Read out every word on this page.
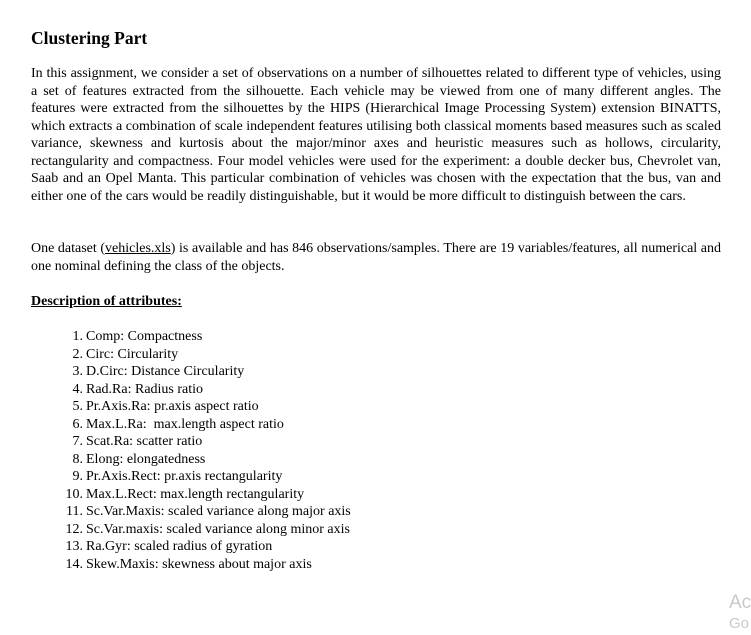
Clustering Part

In this assignment, we consider a set of observations on a number of silhouettes related to different type of vehicles, using a set of features extracted from the silhouette. Each vehicle may be viewed from one of many different angles. The features were extracted from the silhouettes by the HIPS (Hierarchical Image Processing System) extension BINATTS, which extracts a combination of scale independent features utilising both classical moments based measures such as scaled variance, skewness and kurtosis about the major/minor axes and heuristic measures such as hollows, circularity, rectangularity and compactness. Four model vehicles were used for the experiment: a double decker bus, Chevrolet van, Saab and an Opel Manta. This particular combination of vehicles was chosen with the expectation that the bus, van and either one of the cars would be readily distinguishable, but it would be more difficult to distinguish between the cars.

One dataset (vehicles.xls) is available and has 846 observations/samples. There are 19 variables/features, all numerical and one nominal defining the class of the objects.

Description of attributes:
1. Comp: Compactness
2. Circ: Circularity
3. D.Circ: Distance Circularity
4. Rad.Ra: Radius ratio
5. Pr.Axis.Ra: pr.axis aspect ratio
6. Max.L.Ra:  max.length aspect ratio
7. Scat.Ra: scatter ratio
8. Elong: elongatedness
9. Pr.Axis.Rect: pr.axis rectangularity
10. Max.L.Rect: max.length rectangularity
11. Sc.Var.Maxis: scaled variance along major axis
12. Sc.Var.maxis: scaled variance along minor axis
13. Ra.Gyr: scaled radius of gyration
14. Skew.Maxis: skewness about major axis
Ac
Go
